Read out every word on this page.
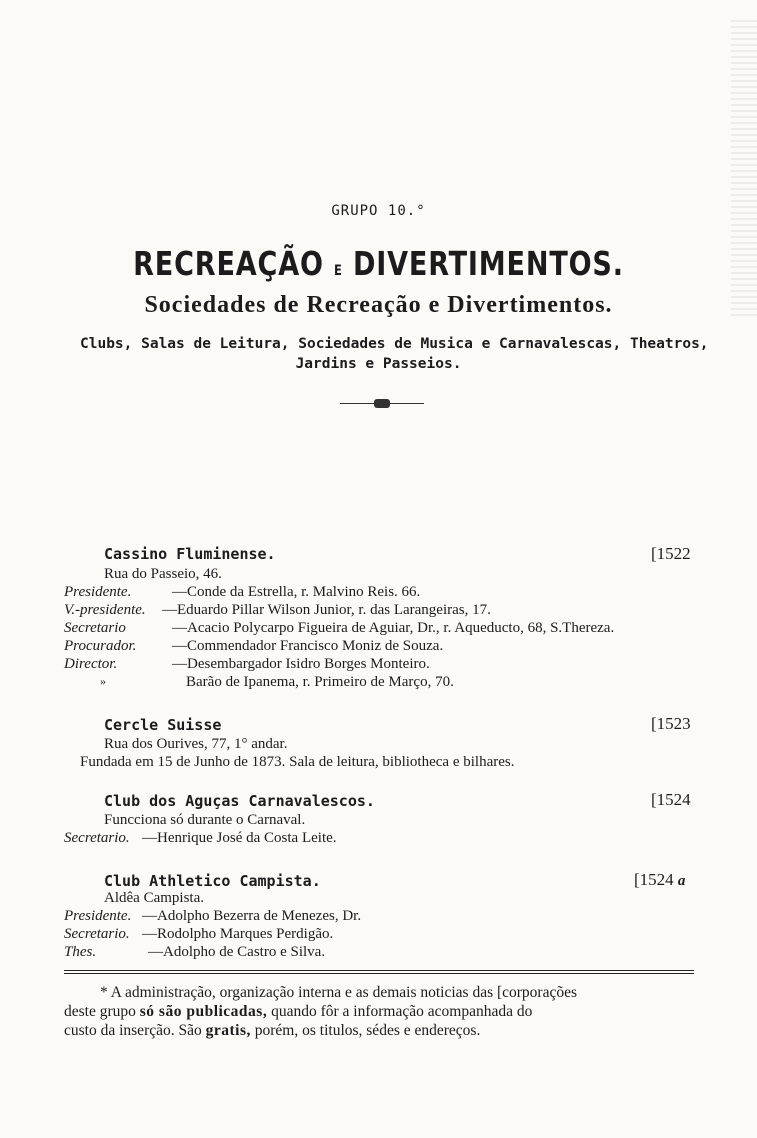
GRUPO 10.°
RECREAÇÃO E DIVERTIMENTOS.
Sociedades de Recreação e Divertimentos.
Clubs, Salas de Leitura, Sociedades de Musica e Carnavalescas, Theatros,
Jardins e Passeios.
Cassino Fluminense.	[1522
Rua do Passeio, 46.
Presidente.	—Conde da Estrella, r. Malvino Reis. 66.
V.-presidente. —Eduardo Pillar Wilson Junior, r. das Larangeiras, 17.
Secretario	—Acacio Polycarpo Figueira de Aguiar, Dr., r. Aqueducto, 68, S.Thereza.
Procurador. —Commendador Francisco Moniz de Souza.
Director.	—Desembargador Isidro Borges Monteiro.
»	Barão de Ipanema, r. Primeiro de Março, 70.
Cercle Suisse	[1523
Rua dos Ourives, 77, 1° andar.
Fundada em 15 de Junho de 1873. Sala de leitura, bibliotheca e bilhares.
Club dos Aguças Carnavalescos.	[1524
Funcciona só durante o Carnaval.
Secretario. —Henrique José da Costa Leite.
Club Athletico Campista.	[1524 a
Aldêa Campista.
Presidente. —Adolpho Bezerra de Menezes, Dr.
Secretario. —Rodolpho Marques Perdigão.
Thes.	—Adolpho de Castro e Silva.
* A administração, organização interna e as demais noticias das [corporações
deste grupo só são publicadas, quando fôr a informação acompanhada do
custo da inserção. São gratis, porém, os titulos, sédes e endereços.
